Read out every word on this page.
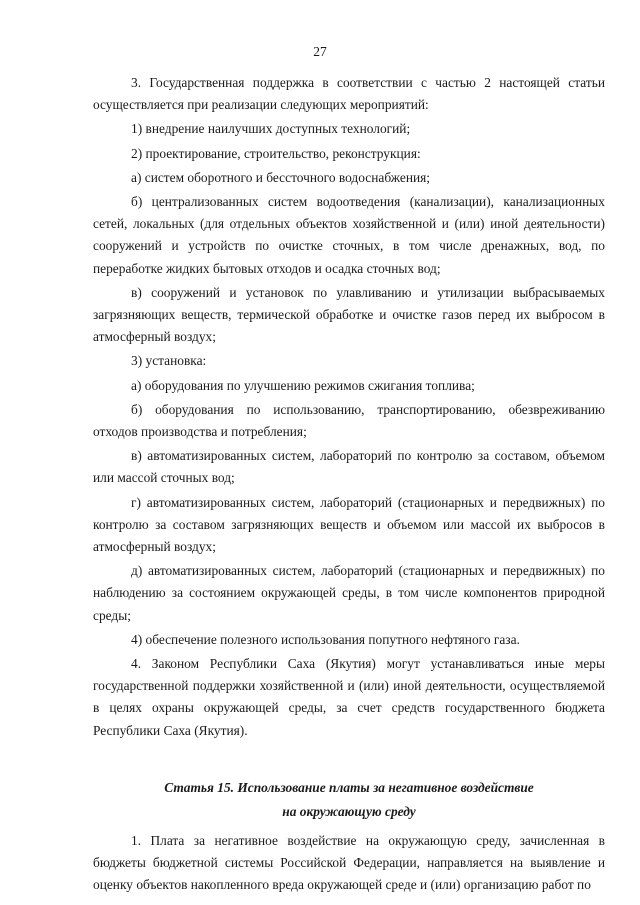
27

3. Государственная поддержка в соответствии с частью 2 настоящей статьи осуществляется при реализации следующих мероприятий:

1) внедрение наилучших доступных технологий;

2) проектирование, строительство, реконструкция:

а) систем оборотного и бессточного водоснабжения;

б) централизованных систем водоотведения (канализации), канализационных сетей, локальных (для отдельных объектов хозяйственной и (или) иной деятельности) сооружений и устройств по очистке сточных, в том числе дренажных, вод, по переработке жидких бытовых отходов и осадка сточных вод;

в) сооружений и установок по улавливанию и утилизации выбрасываемых загрязняющих веществ, термической обработке и очистке газов перед их выбросом в атмосферный воздух;

3) установка:

а) оборудования по улучшению режимов сжигания топлива;

б) оборудования по использованию, транспортированию, обезвреживанию отходов производства и потребления;

в) автоматизированных систем, лабораторий по контролю за составом, объемом или массой сточных вод;

г) автоматизированных систем, лабораторий (стационарных и передвижных) по контролю за составом загрязняющих веществ и объемом или массой их выбросов в атмосферный воздух;

д) автоматизированных систем, лабораторий (стационарных и передвижных) по наблюдению за состоянием окружающей среды, в том числе компонентов природной среды;

4) обеспечение полезного использования попутного нефтяного газа.

4. Законом Республики Саха (Якутия) могут устанавливаться иные меры государственной поддержки хозяйственной и (или) иной деятельности, осуществляемой в целях охраны окружающей среды, за счет средств государственного бюджета Республики Саха (Якутия).

Статья 15. Использование платы за негативное воздействие
на окружающую среду

1. Плата за негативное воздействие на окружающую среду, зачисленная в бюджеты бюджетной системы Российской Федерации, направляется на выявление и оценку объектов накопленного вреда окружающей среде и (или) организацию работ по
